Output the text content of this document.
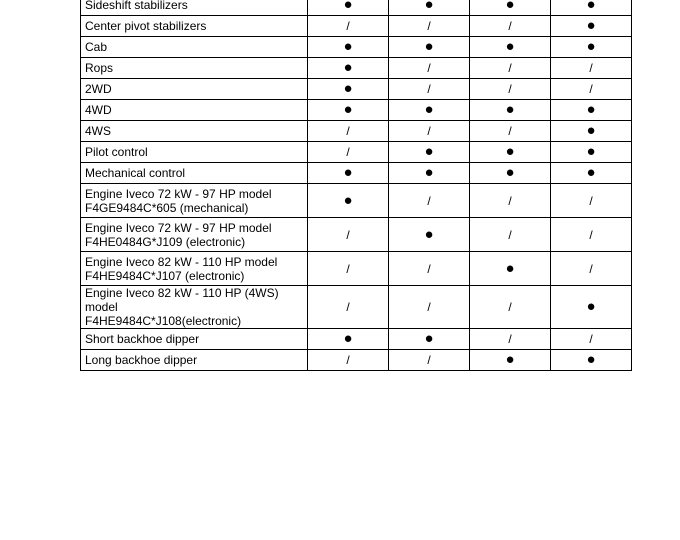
Sideshift stabilizers	●	●	●	●
Center pivot stabilizers	/	/	/	●
Cab	●	●	●	●
Rops	●	/	/	/
2WD	●	/	/	/
4WD	●	●	●	●
4WS	/	/	/	●
Pilot control	/	●	●	●
Mechanical control	●	●	●	●
Engine Iveco 72 kW - 97 HP model
F4GE9484C*605 (mechanical)	●	/	/	/
Engine Iveco 72 kW - 97 HP model
F4HE0484G*J109 (electronic)	/	●	/	/
Engine Iveco 82 kW - 110 HP model
F4HE9484C*J107 (electronic)	/	/	●	/
Engine Iveco 82 kW - 110 HP (4WS) model
F4HE9484C*J108(electronic)	/	/	/	●
Short backhoe dipper	●	●	/	/
Long backhoe dipper	/	/	●	●
